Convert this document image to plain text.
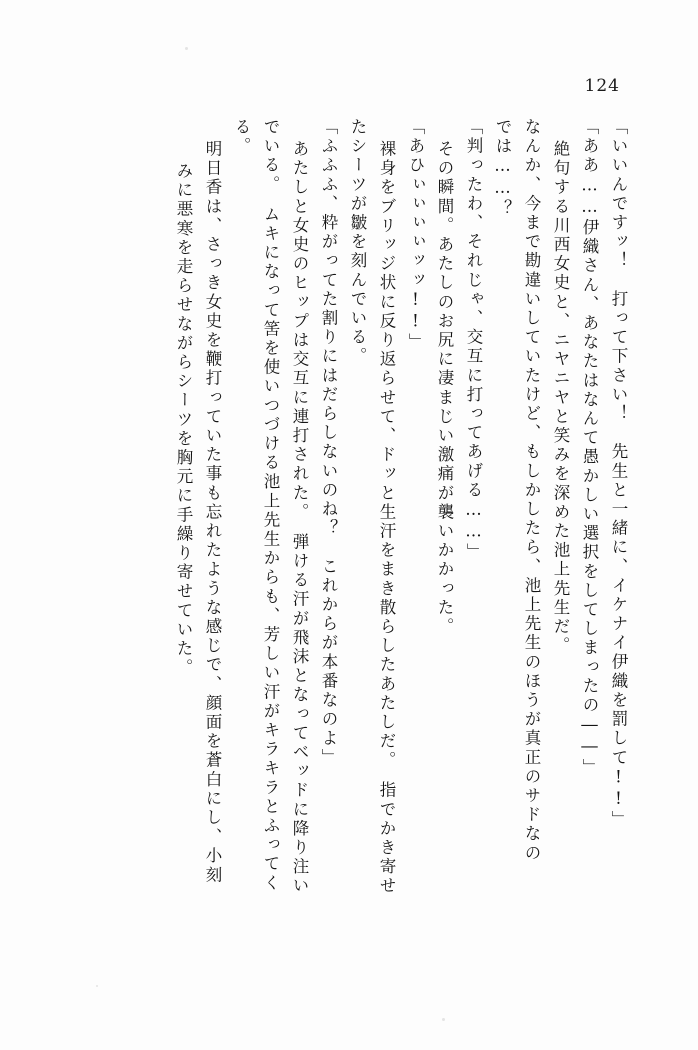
124
みに悪寒を走らせながらシーツを胸元に手繰り寄せていた。 明日香は、さっき女史を鞭打っていた事も忘れたような感じで、顔面を蒼白にし、小刻
る。 でいる。　ムキになって筈を使いつづける池上先生からも、芳しい汗がキラキラとふってく あたしと女史のヒップは交互に連打された。　弾ける汗が飛沫となってベッドに降り注い 「ふふふ、粋がってた割りにはだらしないのね？　これからが本番なのよ」 たシーツが皺を刻んでいる。 裸身をブリッジ状に反り返らせて、ドッと生汗をまき散らしたあたしだ。　指でかき寄せ 「あひぃぃぃぃッッ!!」 その瞬間。あたしのお尻に凄まじい激痛が襲いかかった。 「判ったわ、それじゃ、交互に打ってあげる……」 では……？ なんか、今まで勘違いしていたけど、もしかしたら、池上先生のほうが真正のサドなの 絶句する川西女史と、ニヤニヤと笑みを深めた池上先生だ。 「ああ……伊織さん、あなたはなんて愚かしい選択をしてしまったの――」 「いいんですッ！　打って下さい！　先生と一緒に、イケナイ伊織を罰して!!」
